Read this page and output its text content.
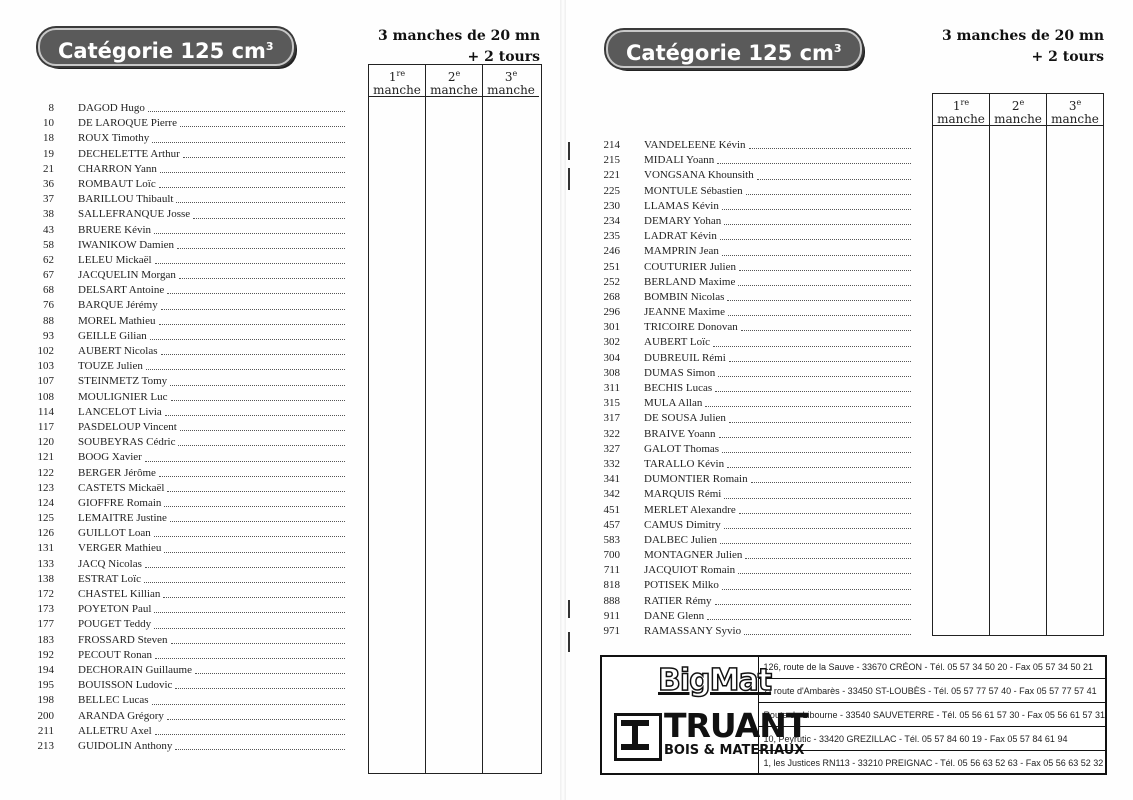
Catégorie 125 $cm^3$
3 manches de 20 mn
+ 2 tours
1re
manche
2e
manche
3e
manche
8	DAGOD Hugo
10	DE LAROQUE Pierre
18	ROUX Timothy
19	DECHELETTE Arthur
21	CHARRON Yann
36	ROMBAUT Loïc
37	BARILLOU Thibault
38	SALLEFRANQUE Josse
43	BRUERE Kévin
58	IWANIKOW Damien
62	LELEU Mickaël
67	JACQUELIN Morgan
68	DELSART Antoine
76	BARQUE Jérémy
88	MOREL Mathieu
93	GEILLE Gilian
102	AUBERT Nicolas
103	TOUZE Julien
107	STEINMETZ Tomy
108	MOULIGNIER Luc
114	LANCELOT Livia
117	PASDELOUP Vincent
120	SOUBEYRAS Cédric
121	BOOG Xavier
122	BERGER Jérôme
123	CASTETS Mickaël
124	GIOFFRE Romain
125	LEMAITRE Justine
126	GUILLOT Loan
131	VERGER Mathieu
133	JACQ Nicolas
138	ESTRAT Loïc
172	CHASTEL Killian
173	POYETON Paul
177	POUGET Teddy
183	FROSSARD Steven
192	PECOUT Ronan
194	DECHORAIN Guillaume
195	BOUISSON Ludovic
198	BELLEC Lucas
200	ARANDA Grégory
211	ALLETRU Axel
213	GUIDOLIN Anthony
Catégorie 125 $cm^3$
3 manches de 20 mn
+ 2 tours
1re
manche
2e
manche
3e
manche
214	VANDELEENE Kévin
215	MIDALI Yoann
221	VONGSANA Khounsith
225	MONTULE Sébastien
230	LLAMAS Kévin
234	DEMARY Yohan
235	LADRAT Kévin
246	MAMPRIN Jean
251	COUTURIER Julien
252	BERLAND Maxime
268	BOMBIN Nicolas
296	JEANNE Maxime
301	TRICOIRE Donovan
302	AUBERT Loïc
304	DUBREUIL Rémi
308	DUMAS Simon
311	BECHIS Lucas
315	MULA Allan
317	DE SOUSA Julien
322	BRAIVE Yoann
327	GALOT Thomas
332	TARALLO Kévin
341	DUMONTIER Romain
342	MARQUIS Rémi
451	MERLET Alexandre
457	CAMUS Dimitry
583	DALBEC Julien
700	MONTAGNER Julien
711	JACQUIOT Romain
818	POTISEK Milko
888	RATIER Rémy
911	DANE Glenn
971	RAMASSANY Syvio
BigMat
TRUANT
BOIS & MATERIAUX
126, route de la Sauve - 33670 CRÉON - Tél. 05 57 34 50 20 - Fax 05 57 34 50 21
ZI route d'Ambarès - 33450 ST-LOUBÈS - Tél. 05 57 77 57 40 - Fax 05 57 77 57 41
Route de Libourne - 33540 SAUVETERRE - Tél. 05 56 61 57 30 - Fax 05 56 61 57 31
10, Peyrutic - 33420 GREZILLAC - Tél. 05 57 84 60 19 - Fax 05 57 84 61 94
1, les Justices RN113 - 33210 PREIGNAC - Tél. 05 56 63 52 63 - Fax 05 56 63 52 32
